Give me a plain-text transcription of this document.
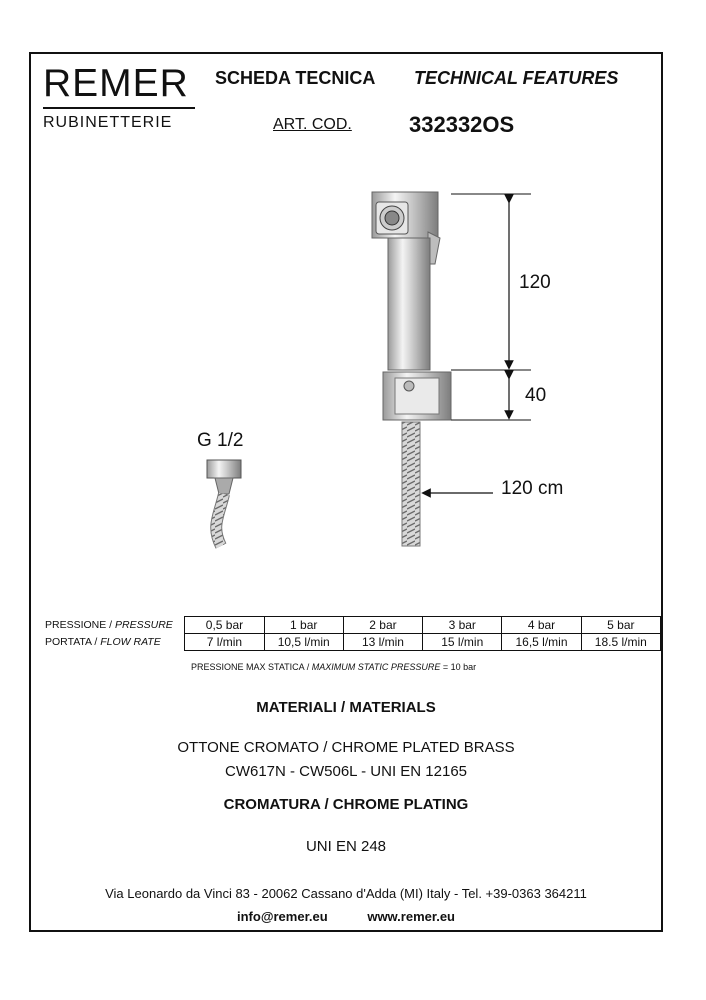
REMER
RUBINETTERIE
SCHEDA TECNICA TECHNICAL FEATURES
ART. COD.	332332OS
120
40
120 cm
G 1/2
PRESSIONE / PRESSURE	0,5 bar	1 bar	2 bar	3 bar	4 bar	5 bar
PORTATA / FLOW RATE	7 l/min	10,5 l/min	13 l/min	15 l/min	16,5 l/min	18.5 l/min
PRESSIONE MAX STATICA / MAXIMUM STATIC PRESSURE = 10 bar
MATERIALI / MATERIALS
OTTONE CROMATO / CHROME PLATED BRASS
CW617N - CW506L - UNI EN 12165
CROMATURA / CHROME PLATING
UNI EN 248
Via Leonardo da Vinci 83 - 20062 Cassano d'Adda (MI) Italy - Tel. +39-0363 364211
info@remer.eu	www.remer.eu
